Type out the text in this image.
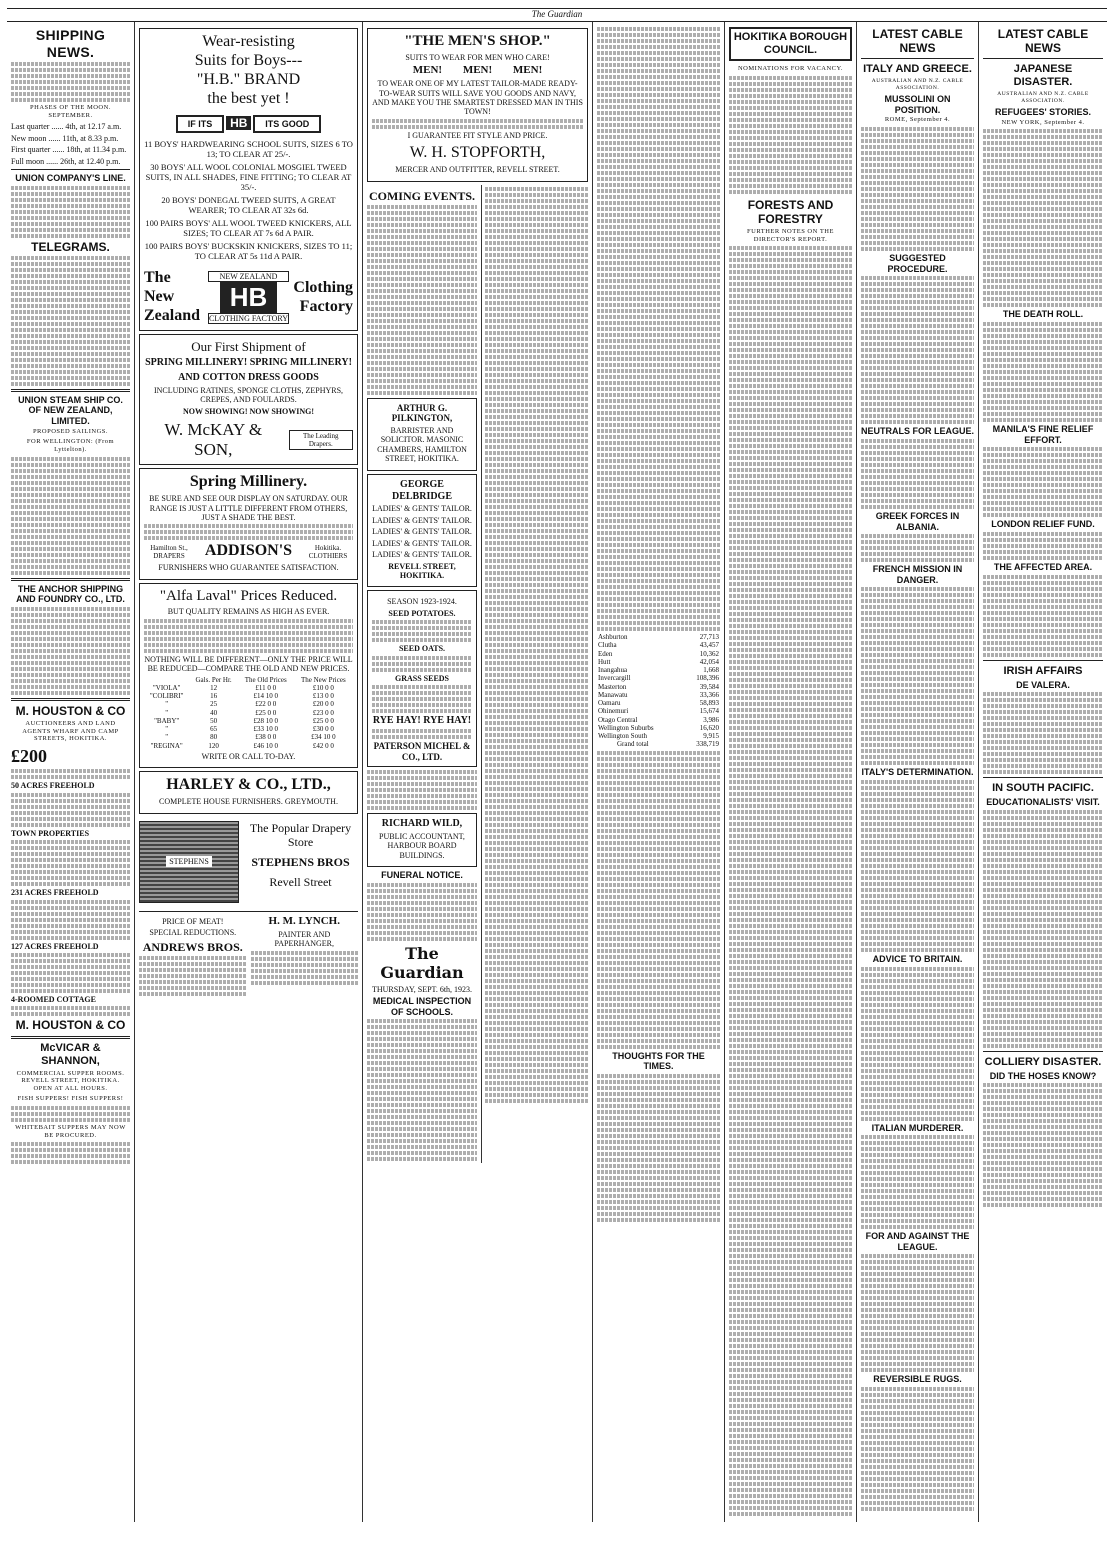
The Guardian
SHIPPING NEWS.
PHASES OF THE MOON. SEPTEMBER.
Last quarter ...... 4th, at 12.17 a.m.
New moon ...... 11th, at 8.33 p.m.
First quarter ...... 18th, at 11.34 p.m.
Full moon ...... 26th, at 12.40 p.m.
UNION COMPANY'S LINE.
TELEGRAMS.
UNION STEAM SHIP CO. OF NEW ZEALAND, LIMITED.
PROPOSED SAILINGS.
FOR WELLINGTON: (From Lyttelton).
THE ANCHOR SHIPPING AND FOUNDRY CO., LTD.
M. HOUSTON & CO
AUCTIONEERS AND LAND AGENTS WHARF AND CAMP STREETS, HOKITIKA.
£200
50 ACRES FREEHOLD
TOWN PROPERTIES
231 ACRES FREEHOLD
127 ACRES FREEHOLD
4-ROOMED COTTAGE
M. HOUSTON & CO
McVICAR & SHANNON,
COMMERCIAL SUPPER ROOMS. REVELL STREET, HOKITIKA. OPEN AT ALL HOURS.
FISH SUPPERS! FISH SUPPERS!
WHITEBAIT SUPPERS MAY NOW BE PROCURED.
Wear-resisting
Suits for Boys---
"H.B." BRAND
the best yet !
IF ITS HB ITS GOOD
11 BOYS' HARDWEARING SCHOOL SUITS, SIZES 6 TO 13; TO CLEAR AT 25/-.
30 BOYS' ALL WOOL COLONIAL MOSGIEL TWEED SUITS, IN ALL SHADES, FINE FITTING; TO CLEAR AT 35/-.
20 BOYS' DONEGAL TWEED SUITS, A GREAT WEARER; TO CLEAR AT 32s 6d.
100 PAIRS BOYS' ALL WOOL TWEED KNICKERS, ALL SIZES; TO CLEAR AT 7s 6d A PAIR.
100 PAIRS BOYS' BUCKSKIN KNICKERS, SIZES TO 11; TO CLEAR AT 5s 11d A PAIR.
The New Zealand
NEW ZEALAND
HB
CLOTHING FACTORY
Clothing Factory
Our First Shipment of
SPRING MILLINERY! SPRING MILLINERY!
AND COTTON DRESS GOODS
INCLUDING RATINES, SPONGE CLOTHS, ZEPHYRS, CREPES, AND FOULARDS.
NOW SHOWING! NOW SHOWING!
W. McKAY & SON,
The Leading Drapers.
Spring Millinery.
BE SURE AND SEE OUR DISPLAY ON SATURDAY. OUR RANGE IS JUST A LITTLE DIFFERENT FROM OTHERS, JUST A SHADE THE BEST.
Hamilton St., DRAPERS	ADDISON'S	Hokitika. CLOTHIERS
FURNISHERS WHO GUARANTEE SATISFACTION.
"Alfa Laval" Prices Reduced.
BUT QUALITY REMAINS AS HIGH AS EVER.
NOTHING WILL BE DIFFERENT—ONLY THE PRICE WILL BE REDUCED—COMPARE THE OLD AND NEW PRICES.
	Gals. Per Hr.	The Old Prices	The New Prices
"VIOLA"	12	£11 0 0	£10 0 0
"COLIBRI"	16	£14 10 0	£13 0 0
"	25	£22 0 0	£20 0 0
"	40	£25 0 0	£23 0 0
"BABY"	50	£28 10 0	£25 0 0
"	65	£33 10 0	£30 0 0
"	80	£38 0 0	£34 10 0
"REGINA"	120	£46 10 0	£42 0 0
WRITE OR CALL TO-DAY.
HARLEY & CO., LTD.,
COMPLETE HOUSE FURNISHERS. GREYMOUTH.
STEPHENS
The Popular Drapery Store
STEPHENS BROS
Revell Street
PRICE OF MEAT!
SPECIAL REDUCTIONS.
ANDREWS BROS.
H. M. LYNCH.
PAINTER AND PAPERHANGER,
"THE MEN'S SHOP."
SUITS TO WEAR FOR MEN WHO CARE!
MEN! MEN! MEN!
TO WEAR ONE OF MY LATEST TAILOR-MADE READY-TO-WEAR SUITS WILL SAVE YOU GOODS AND NAVY, AND MAKE YOU THE SMARTEST DRESSED MAN IN THIS TOWN!
I GUARANTEE FIT STYLE AND PRICE.
W. H. STOPFORTH,
MERCER AND OUTFITTER, REVELL STREET.
COMING EVENTS.
ARTHUR G. PILKINGTON,
BARRISTER AND SOLICITOR. MASONIC CHAMBERS, HAMILTON STREET, HOKITIKA.
GEORGE DELBRIDGE
LADIES' & GENTS' TAILOR.
LADIES' & GENTS' TAILOR.
LADIES' & GENTS' TAILOR.
LADIES' & GENTS' TAILOR.
LADIES' & GENTS' TAILOR.
REVELL STREET, HOKITIKA.
SEASON 1923-1924.
SEED POTATOES.
SEED OATS.
GRASS SEEDS
RYE HAY! RYE HAY!
PATERSON MICHEL & CO., LTD.
RICHARD WILD,
PUBLIC ACCOUNTANT, HARBOUR BOARD BUILDINGS.
FUNERAL NOTICE.
The Guardian
THURSDAY, SEPT. 6th, 1923.
MEDICAL INSPECTION OF SCHOOLS.
Ashburton	27,713
Clutha	43,457
Eden	10,362
Hutt	42,054
Inangahua	1,668
Invercargill	108,396
Masterton	39,584
Manawatu	33,366
Oamaru	58,893
Ohinemuri	15,674
Otago Central	3,986
Wellington Suburbs	16,620
Wellington South	9,915
Grand total	338,719
THOUGHTS FOR THE TIMES.
HOKITIKA BOROUGH COUNCIL.
NOMINATIONS FOR VACANCY.
FORESTS AND FORESTRY
FURTHER NOTES ON THE DIRECTOR'S REPORT.
LATEST CABLE NEWS
ITALY AND GREECE.
AUSTRALIAN AND N.Z. CABLE ASSOCIATION.
MUSSOLINI ON POSITION.
ROME, September 4.
SUGGESTED PROCEDURE.
NEUTRALS FOR LEAGUE.
GREEK FORCES IN ALBANIA.
FRENCH MISSION IN DANGER.
ITALY'S DETERMINATION.
ADVICE TO BRITAIN.
ITALIAN MURDERER.
FOR AND AGAINST THE LEAGUE.
REVERSIBLE RUGS.
LATEST CABLE NEWS
JAPANESE DISASTER.
AUSTRALIAN AND N.Z. CABLE ASSOCIATION.
REFUGEES' STORIES.
NEW YORK, September 4.
THE DEATH ROLL.
MANILA'S FINE RELIEF EFFORT.
LONDON RELIEF FUND.
THE AFFECTED AREA.
IRISH AFFAIRS
DE VALERA.
IN SOUTH PACIFIC.
EDUCATIONALISTS' VISIT.
COLLIERY DISASTER.
DID THE HOSES KNOW?
